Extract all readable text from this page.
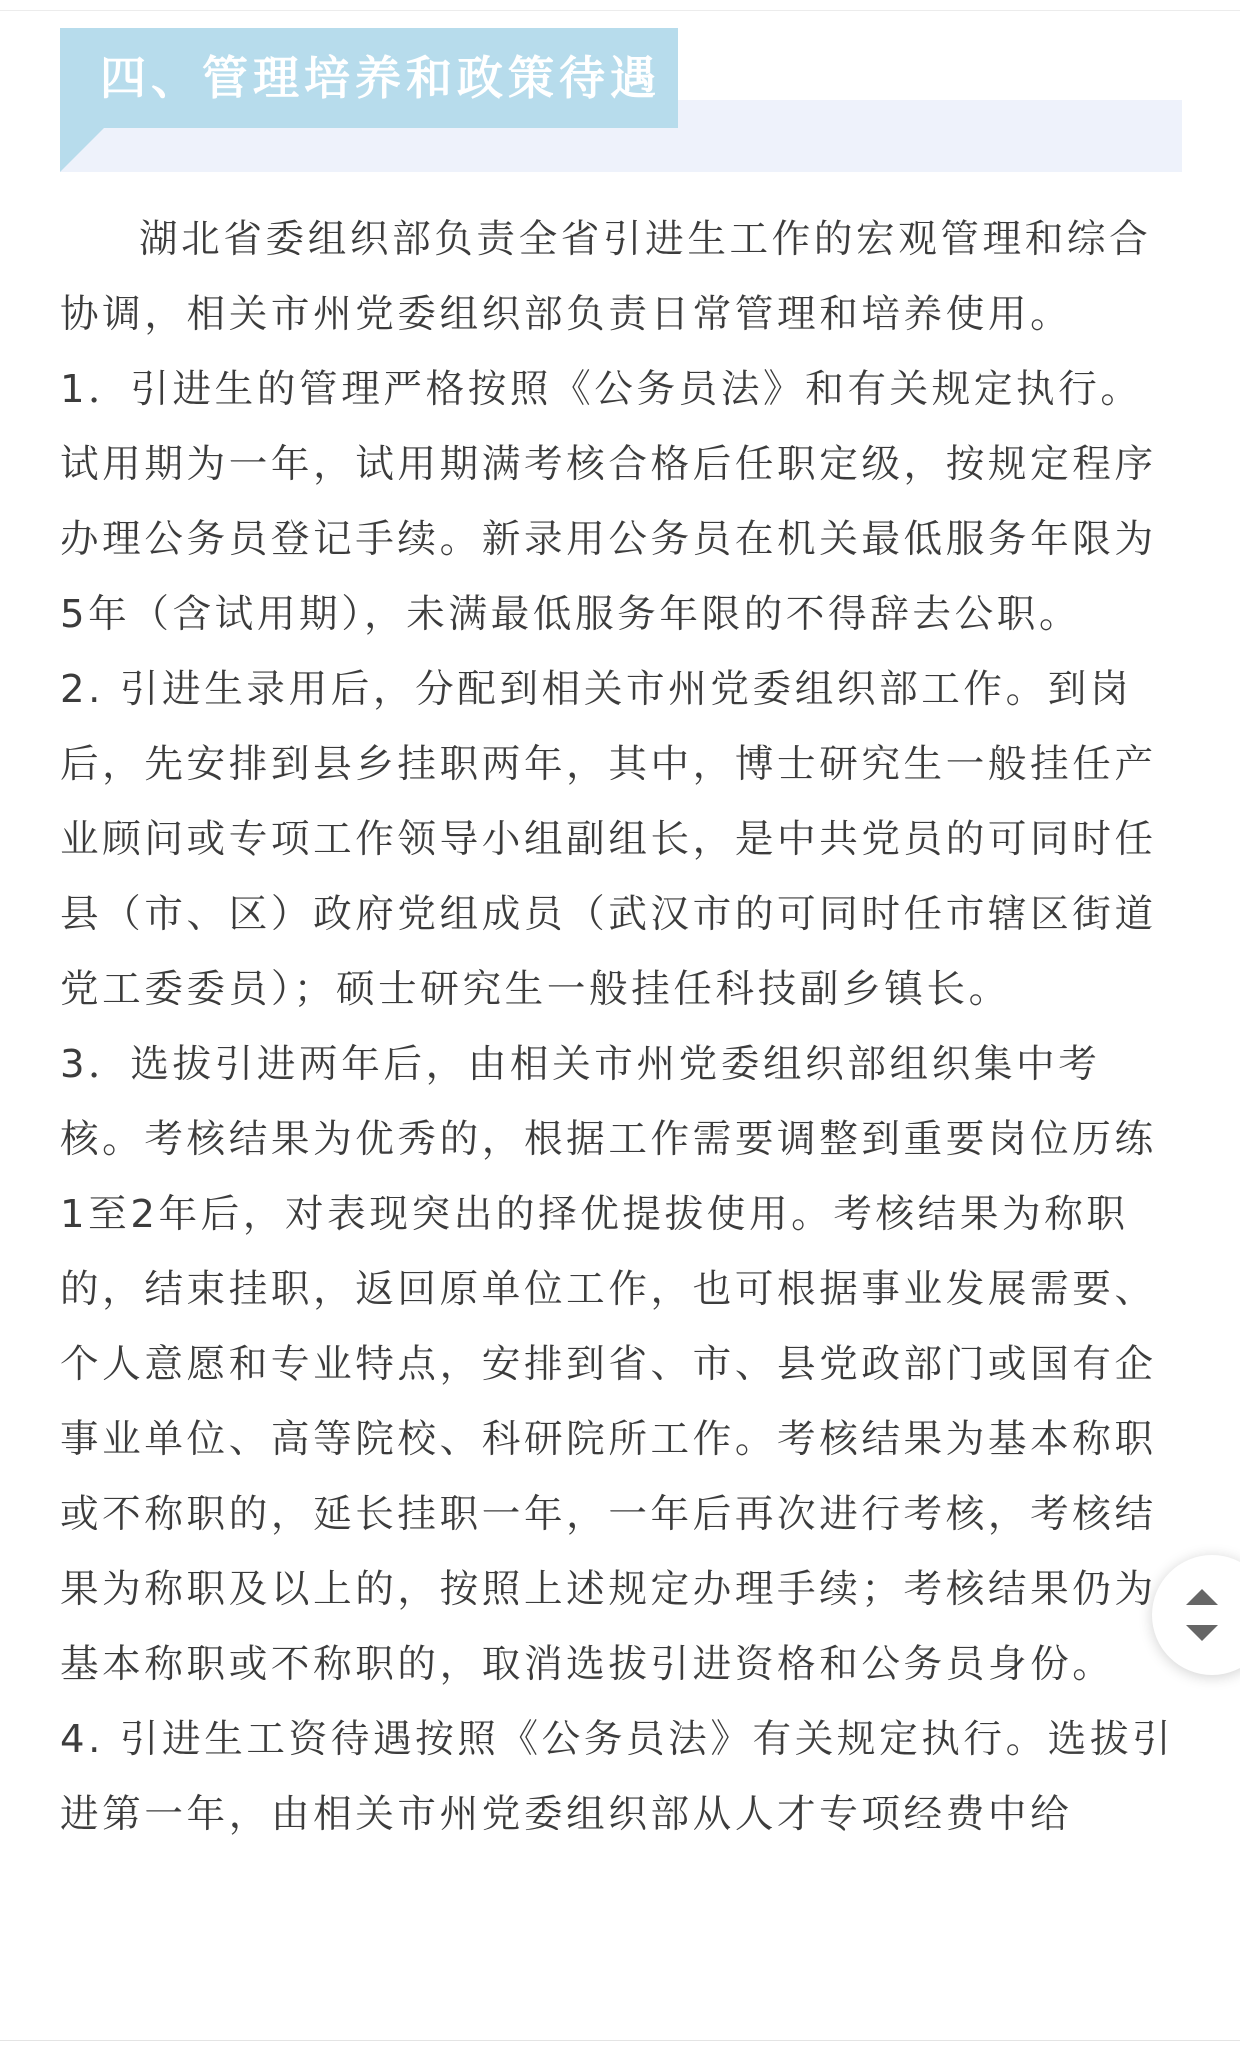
四、管理培养和政策待遇

湖北省委组织部负责全省引进生工作的宏观管理和综合协调，相关市州党委组织部负责日常管理和培养使用。

1．引进生的管理严格按照《公务员法》和有关规定执行。试用期为一年，试用期满考核合格后任职定级，按规定程序办理公务员登记手续。新录用公务员在机关最低服务年限为5年（含试用期），未满最低服务年限的不得辞去公职。

2. 引进生录用后，分配到相关市州党委组织部工作。到岗后，先安排到县乡挂职两年，其中，博士研究生一般挂任产业顾问或专项工作领导小组副组长，是中共党员的可同时任县（市、区）政府党组成员（武汉市的可同时任市辖区街道党工委委员）；硕士研究生一般挂任科技副乡镇长。

3．选拔引进两年后，由相关市州党委组织部组织集中考核。考核结果为优秀的，根据工作需要调整到重要岗位历练1至2年后，对表现突出的择优提拔使用。考核结果为称职的，结束挂职，返回原单位工作，也可根据事业发展需要、个人意愿和专业特点，安排到省、市、县党政部门或国有企事业单位、高等院校、科研院所工作。考核结果为基本称职或不称职的，延长挂职一年，一年后再次进行考核，考核结果为称职及以上的，按照上述规定办理手续；考核结果仍为基本称职或不称职的，取消选拔引进资格和公务员身份。

4. 引进生工资待遇按照《公务员法》有关规定执行。选拔引进第一年，由相关市州党委组织部从人才专项经费中给
